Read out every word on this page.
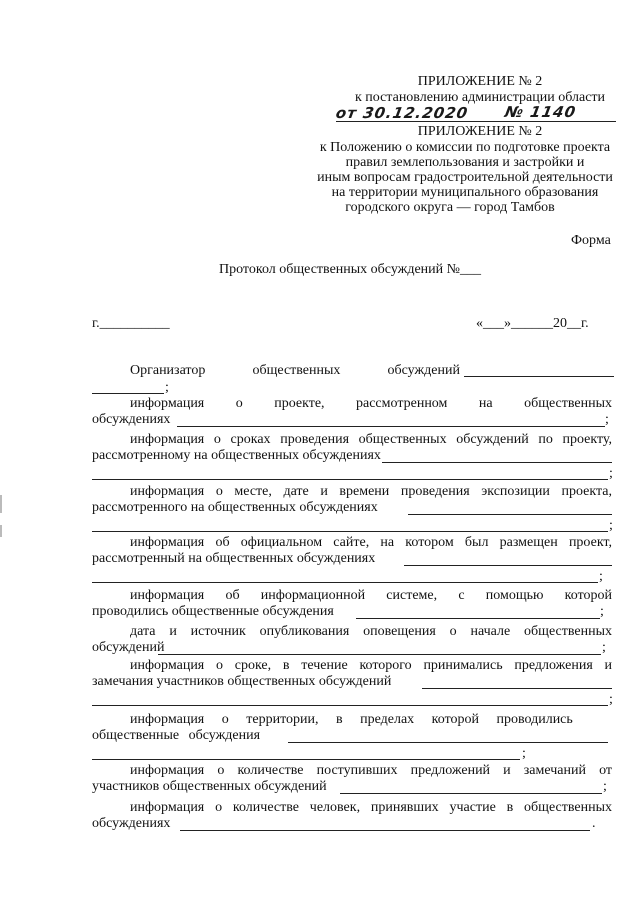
ПРИЛОЖЕНИЕ № 2
к постановлению администрации области
от 30.12.2020 № 1140
ПРИЛОЖЕНИЕ № 2
к Положению о комиссии по подготовке проекта
правил землепользования и застройки и
иным вопросам градостроительной деятельности
на территории муниципального образования
городского округа — город Тамбов
Форма
Протокол общественных обсуждений №___
г.__________	«___»______20__г.
Организатор общественных обсуждений
;
информация о проекте, рассмотренном на общественных
обсуждениях	;
информация о сроках проведения общественных обсуждений по проекту,
рассмотренному на общественных обсуждениях
;
информация о месте, дате и времени проведения экспозиции проекта,
рассмотренного на общественных обсуждениях
;
информация об официальном сайте, на котором был размещен проект,
рассмотренный на общественных обсуждениях
;
информация об информационной системе, с помощью которой
проводились общественные обсуждения	;
дата и источник опубликования оповещения о начале общественных
обсуждений	;
информация о сроке, в течение которого принимались предложения и
замечания участников общественных обсуждений
;
информация о территории, в пределах которой проводились
общественные обсуждения
;
информация о количестве поступивших предложений и замечаний от
участников общественных обсуждений	;
информация о количестве человек, принявших участие в общественных
обсуждениях	.
